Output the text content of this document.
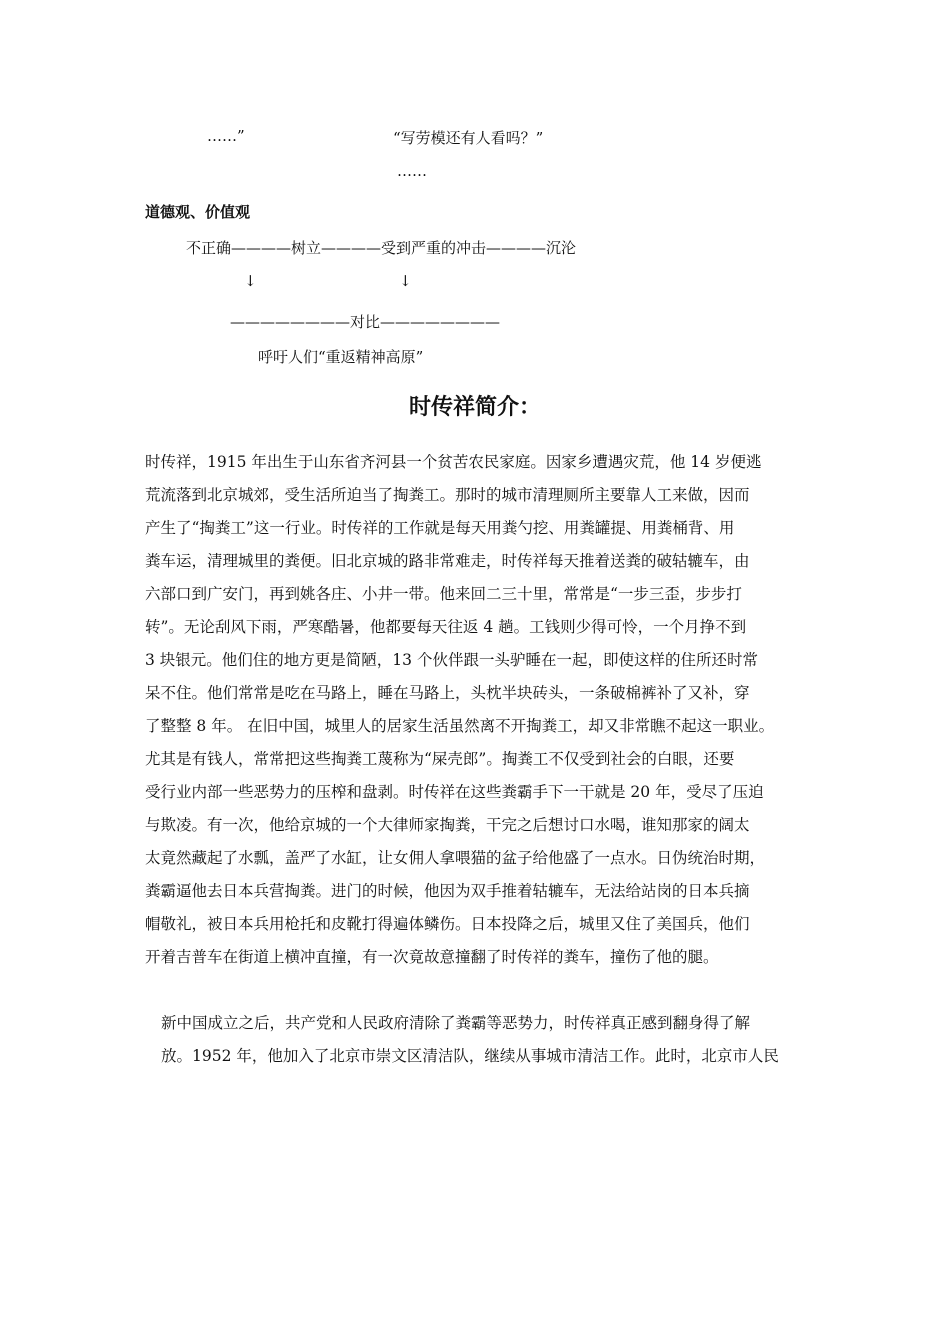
……”	“写劳模还有人看吗？”
……
道德观、价值观
不正确————树立————受到严重的冲击————沉沦
↓	↓
————————对比————————
呼吁人们“重返精神高原”
时传祥简介：

时传祥，1915 年出生于山东省齐河县一个贫苦农民家庭。因家乡遭遇灾荒，他 14 岁便逃
荒流落到北京城郊，受生活所迫当了掏粪工。那时的城市清理厕所主要靠人工来做，因而
产生了“掏粪工”这一行业。时传祥的工作就是每天用粪勺挖、用粪罐提、用粪桶背、用
粪车运，清理城里的粪便。旧北京城的路非常难走，时传祥每天推着送粪的破轱辘车，由
六部口到广安门，再到姚各庄、小井一带。他来回二三十里，常常是“一步三歪，步步打
转”。无论刮风下雨，严寒酷暑，他都要每天往返 4 趟。工钱则少得可怜，一个月挣不到
3 块银元。他们住的地方更是简陋，13 个伙伴跟一头驴睡在一起，即使这样的住所还时常
呆不住。他们常常是吃在马路上，睡在马路上，头枕半块砖头，一条破棉裤补了又补，穿
了整整 8 年。 在旧中国，城里人的居家生活虽然离不开掏粪工，却又非常瞧不起这一职业。
尤其是有钱人，常常把这些掏粪工蔑称为“屎壳郎”。掏粪工不仅受到社会的白眼，还要
受行业内部一些恶势力的压榨和盘剥。时传祥在这些粪霸手下一干就是 20 年，受尽了压迫
与欺凌。有一次，他给京城的一个大律师家掏粪，干完之后想讨口水喝，谁知那家的阔太
太竟然藏起了水瓢，盖严了水缸，让女佣人拿喂猫的盆子给他盛了一点水。日伪统治时期，
粪霸逼他去日本兵营掏粪。进门的时候，他因为双手推着轱辘车，无法给站岗的日本兵摘
帽敬礼，被日本兵用枪托和皮靴打得遍体鳞伤。日本投降之后，城里又住了美国兵，他们
开着吉普车在街道上横冲直撞，有一次竟故意撞翻了时传祥的粪车，撞伤了他的腿。

新中国成立之后，共产党和人民政府清除了粪霸等恶势力，时传祥真正感到翻身得了解
放。1952 年，他加入了北京市崇文区清洁队，继续从事城市清洁工作。此时，北京市人民
